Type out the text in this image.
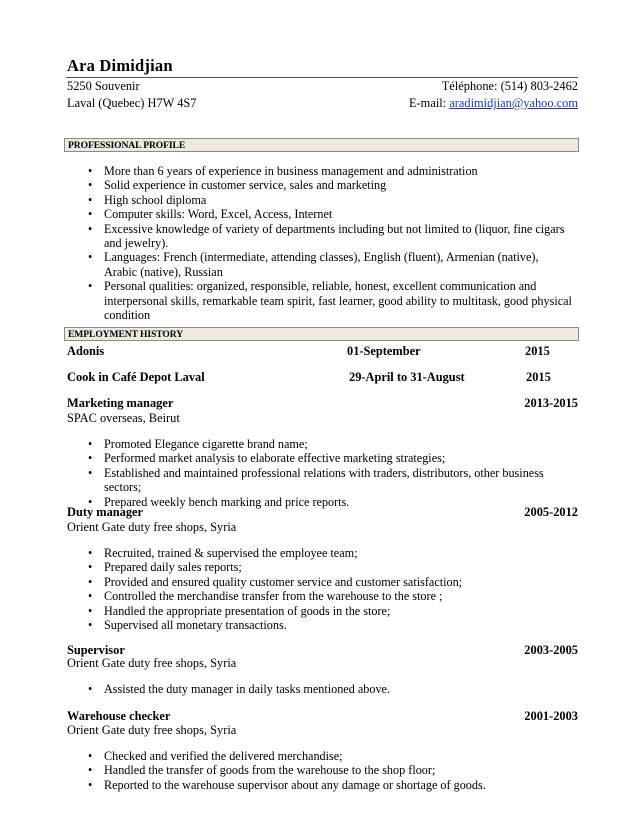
Ara Dimidjian
5250 Souvenir
Laval (Quebec) H7W 4S7
Téléphone: (514) 803-2462
E-mail: aradimidjian@yahoo.com
PROFESSIONAL PROFILE
• More than 6 years of experience in business management and administration
• Solid experience in customer service, sales and marketing
• High school diploma
• Computer skills: Word, Excel, Access, Internet
• Excessive knowledge of variety of departments including but not limited to (liquor, fine cigars and jewelry).
• Languages: French (intermediate, attending classes), English (fluent), Armenian (native), Arabic (native), Russian
• Personal qualities: organized, responsible, reliable, honest, excellent communication and interpersonal skills, remarkable team spirit, fast learner, good ability to multitask, good physical condition
EMPLOYMENT HISTORY
Adonis	01-September	2015
Cook in Café Depot Laval	29-April to 31-August	2015
Marketing manager	2013-2015
SPAC overseas, Beirut
• Promoted Elegance cigarette brand name;
• Performed market analysis to elaborate effective marketing strategies;
• Established and maintained professional relations with traders, distributors, other business sectors;
• Prepared weekly bench marking and price reports.
Duty manager	2005-2012
Orient Gate duty free shops, Syria
• Recruited, trained & supervised the employee team;
• Prepared daily sales reports;
• Provided and ensured quality customer service and customer satisfaction;
• Controlled the merchandise transfer from the warehouse to the store ;
• Handled the appropriate presentation of goods in the store;
• Supervised all monetary transactions.
Supervisor	2003-2005
Orient Gate duty free shops, Syria
• Assisted the duty manager in daily tasks mentioned above.
Warehouse checker	2001-2003
Orient Gate duty free shops, Syria
• Checked and verified the delivered merchandise;
• Handled the transfer of goods from the warehouse to the shop floor;
• Reported to the warehouse supervisor about any damage or shortage of goods.
